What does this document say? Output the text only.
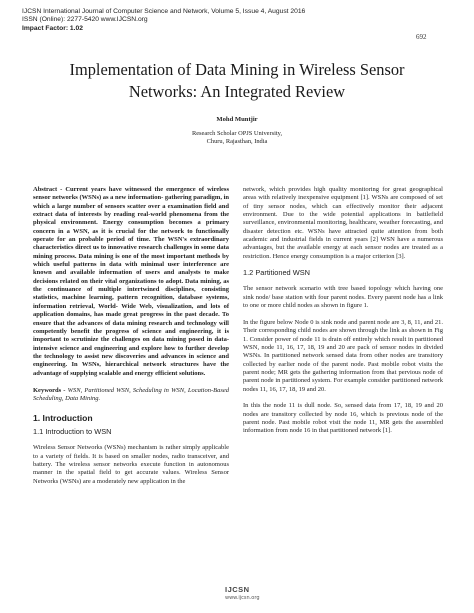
IJCSN International Journal of Computer Science and Network, Volume 5, Issue 4, August 2016
ISSN (Online): 2277-5420 www.IJCSN.org
Impact Factor: 1.02
692
Implementation of Data Mining in Wireless Sensor
Networks: An Integrated Review
Mohd Muntjir
Research Scholar OPJS University,
Churu, Rajasthan, India

Abstract - Current years have witnessed the emergence of wireless sensor networks (WSNs) as a new information- gathering paradigm, in which a large number of sensors scatter over a examination field and extract data of interests by reading real-world phenomena from the physical environment. Energy consumption becomes a primary concern in a WSN, as it is crucial for the network to functionally operate for an probable period of time. The WSN's extraordinary characteristics direct us to innovative research challenges in some data mining process. Data mining is one of the most important methods by which useful patterns in data with minimal user interference are known and available information of users and analysts to make decisions related on their vital organizations to adopt. Data mining, as the continuance of multiple intertwined disciplines, consisting statistics, machine learning, pattern recognition, database systems, information retrieval, World- Wide Web, visualization, and lots of application domains, has made great progress in the past decade. To ensure that the advances of data mining research and technology will competently benefit the progress of science and engineering, it is important to scrutinize the challenges on data mining posed in data-intensive science and engineering and explore how to further develop the technology to assist new discoveries and advances in science and engineering. In WSNs, hierarchical network structures have the advantage of supplying scalable and energy efficient solutions.

Keywords - WSN, Partitioned WSN, Scheduling in WSN, Location-Based Scheduling, Data Mining.

1. Introduction
1.1 Introduction to WSN

Wireless Sensor Networks (WSNs) mechanism is rather simply applicable to a variety of fields. It is based on smaller nodes, radio transceiver, and battery. The wireless sensor networks execute function in autonomous manner in the spatial field to get accurate values. Wireless Sensor Networks (WSNs) are a moderately new application in the

network, which provides high quality monitoring for great geographical areas with relatively inexpensive equipment [1]. WSNs are composed of set of tiny sensor nodes, which can effectively monitor their adjacent environment. Due to the wide potential applications in battlefield surveillance, environmental monitoring, healthcare, weather forecasting, and disaster detection etc. WSNs have attracted quite attention from both academic and industrial fields in current years [2] WSN have a numerous advantages, but the available energy at each sensor nodes are treated as a restriction. Hence energy consumption is a major criterion [3].

1.2 Partitioned WSN

The sensor network scenario with tree based topology which having one sink node/ base station with four parent nodes. Every parent node has a link to one or more child nodes as shown in figure 1.

In the figure below Node 0 is sink node and parent node are 3, 8, 11, and 21. Their corresponding child nodes are shown through the link as shown in Fig 1. Consider power of node 11 is drain off entirely which result in partitioned WSN, node 11, 16, 17, 18, 19 and 20 are pack of sensor nodes in divided WSNs. In partitioned network sensed data from other nodes are transitory collected by earlier node of the parent node. Past mobile robot visits the parent node; MR gets the gathering information from that pervious node of parent node in partitioned system. For example consider partitioned network nodes 11, 16, 17, 18, 19 and 20.

In this the node 11 is dull node. So, sensed data from 17, 18, 19 and 20 nodes are transitory collected by node 16, which is previous node of the parent node. Past mobile robot visit the node 11, MR gets the assembled information from node 16 in that partitioned network [1].

IJCSN
www.ijcsn.org
